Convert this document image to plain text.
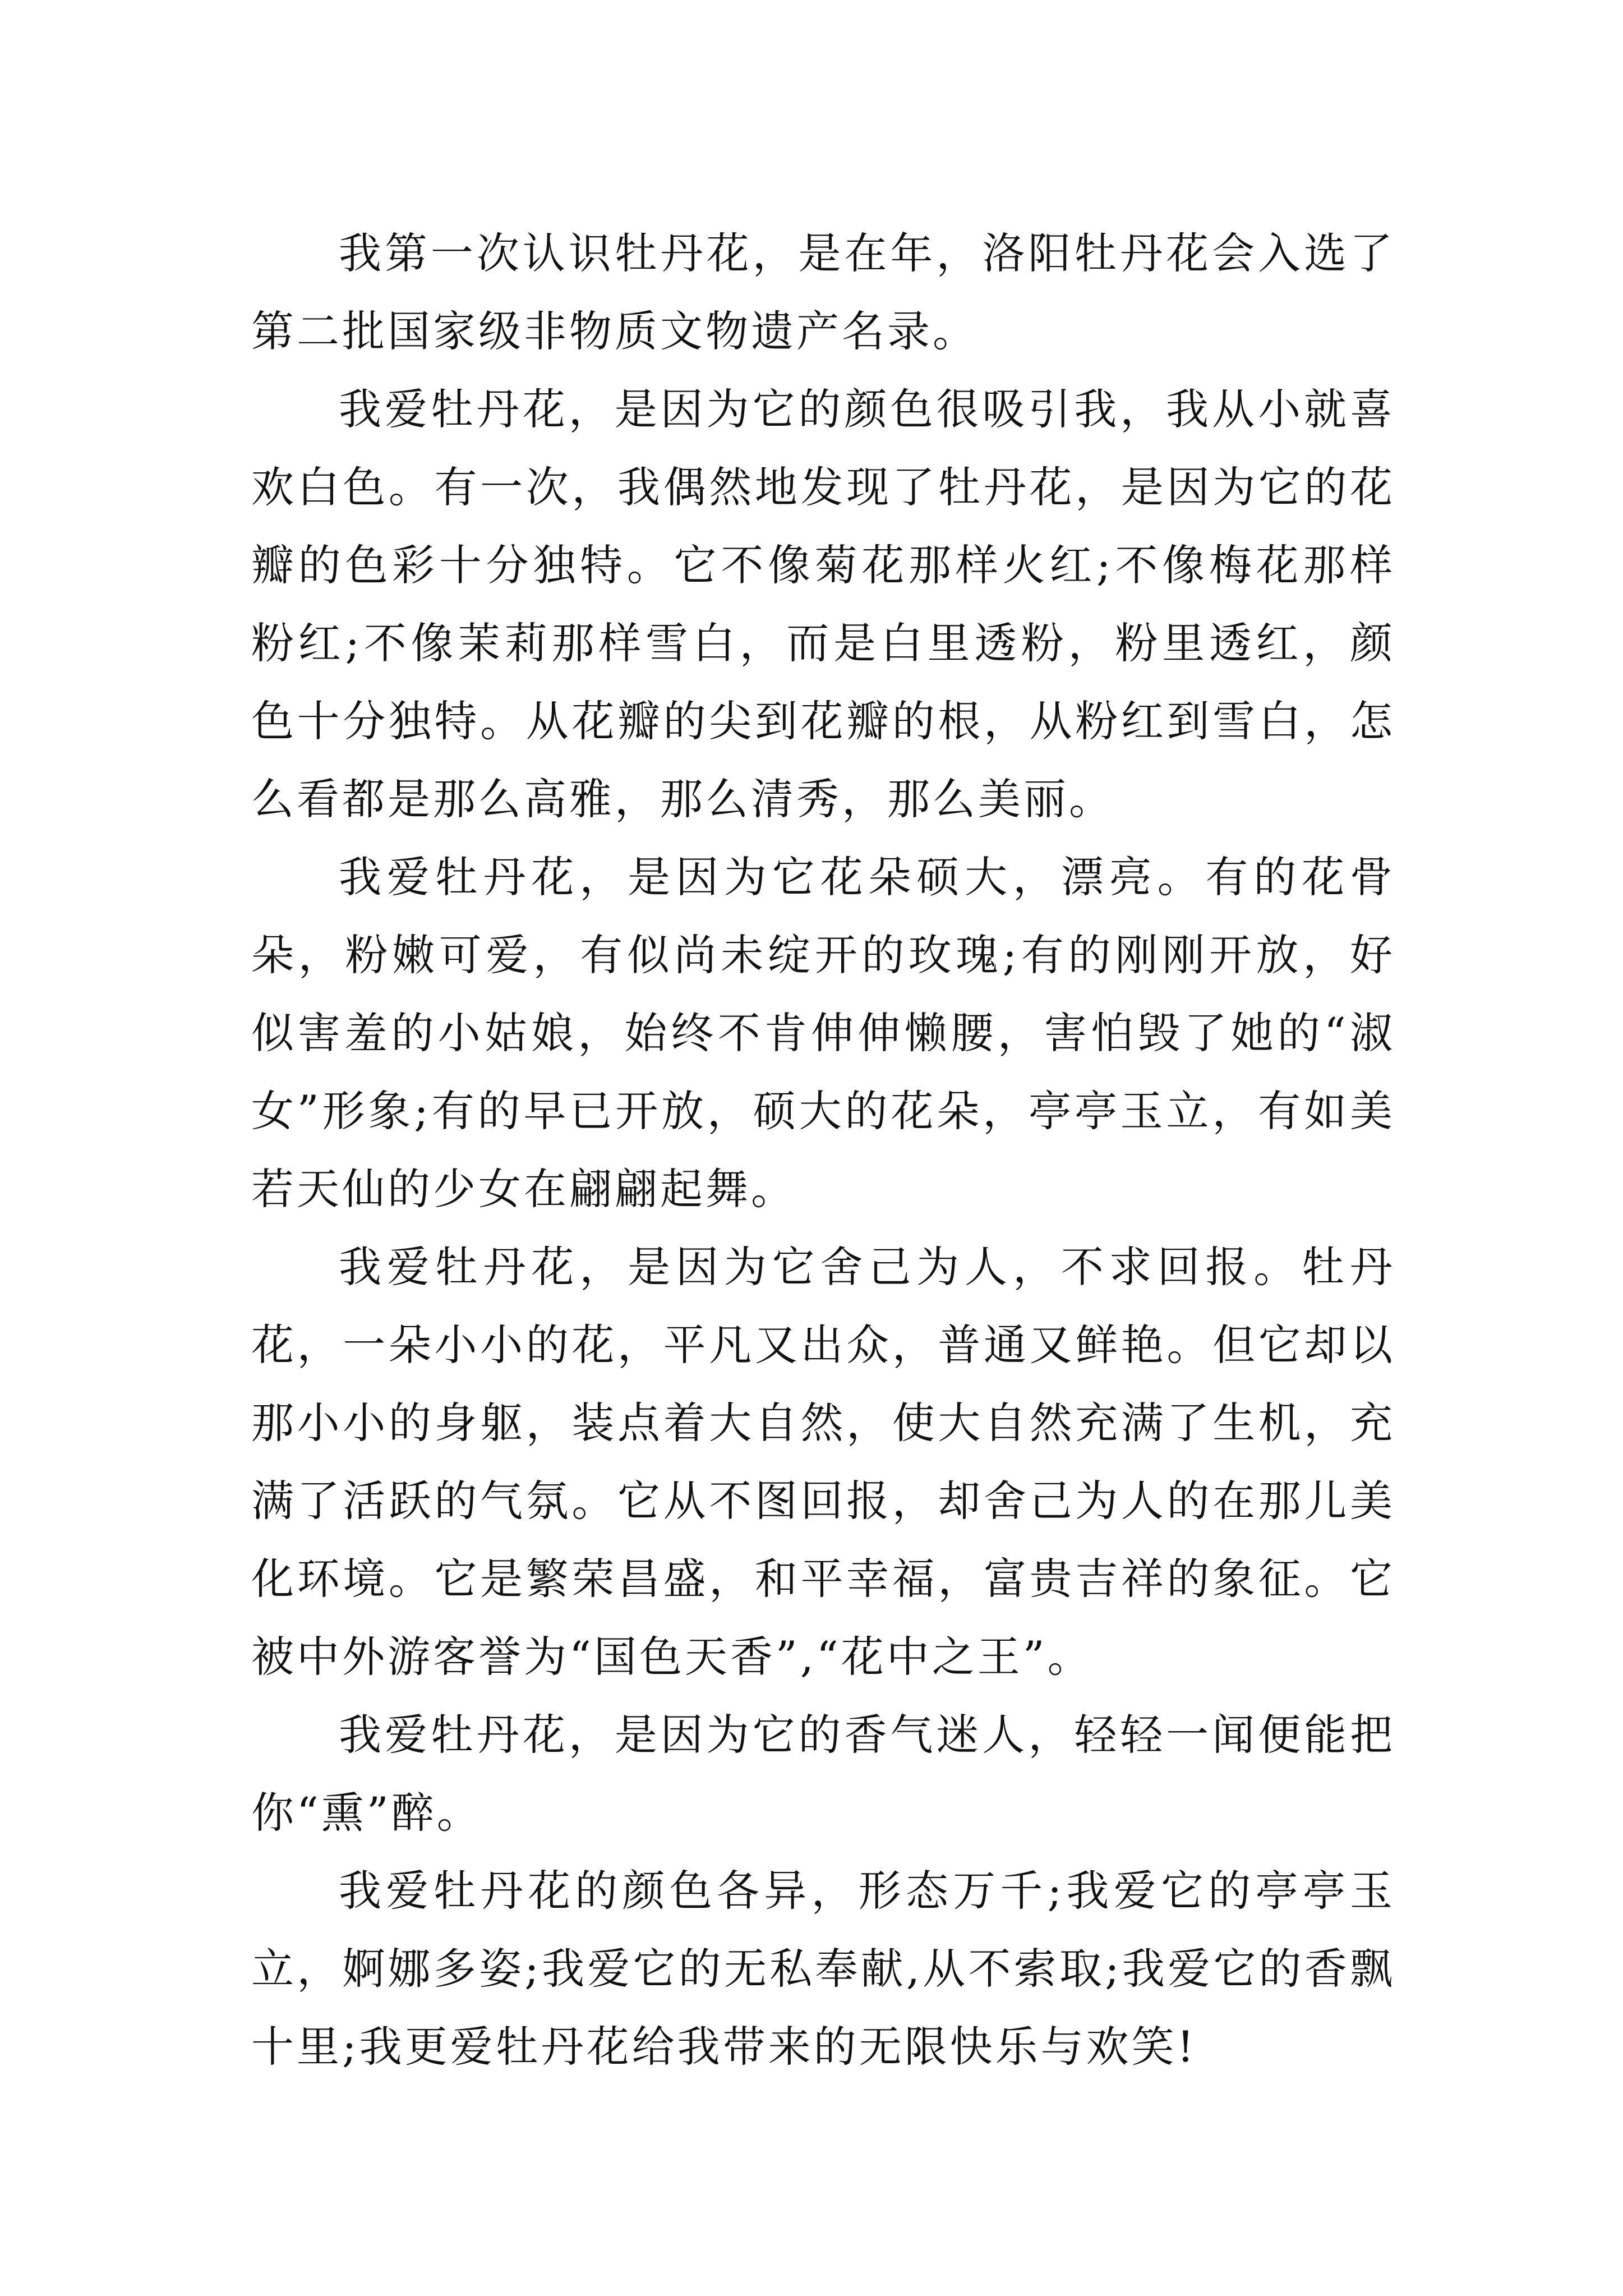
我第一次认识牡丹花，是在年，洛阳牡丹花会入选了第二批国家级非物质文物遗产名录。

我爱牡丹花，是因为它的颜色很吸引我，我从小就喜欢白色。有一次，我偶然地发现了牡丹花，是因为它的花瓣的色彩十分独特。它不像菊花那样火红;不像梅花那样粉红;不像茉莉那样雪白，而是白里透粉，粉里透红，颜色十分独特。从花瓣的尖到花瓣的根，从粉红到雪白，怎么看都是那么高雅，那么清秀，那么美丽。

我爱牡丹花，是因为它花朵硕大，漂亮。有的花骨朵，粉嫩可爱，有似尚未绽开的玫瑰;有的刚刚开放，好似害羞的小姑娘，始终不肯伸伸懒腰，害怕毁了她的“淑女”形象;有的早已开放，硕大的花朵，亭亭玉立，有如美若天仙的少女在翩翩起舞。

我爱牡丹花，是因为它舍己为人，不求回报。牡丹花，一朵小小的花，平凡又出众，普通又鲜艳。但它却以那小小的身躯，装点着大自然，使大自然充满了生机，充满了活跃的气氛。它从不图回报，却舍己为人的在那儿美化环境。它是繁荣昌盛，和平幸福，富贵吉祥的象征。它被中外游客誉为“国色天香”,“花中之王”。

我爱牡丹花，是因为它的香气迷人，轻轻一闻便能把你“熏”醉。

我爱牡丹花的颜色各异，形态万千;我爱它的亭亭玉立，婀娜多姿;我爱它的无私奉献,从不索取;我爱它的香飘十里;我更爱牡丹花给我带来的无限快乐与欢笑!
